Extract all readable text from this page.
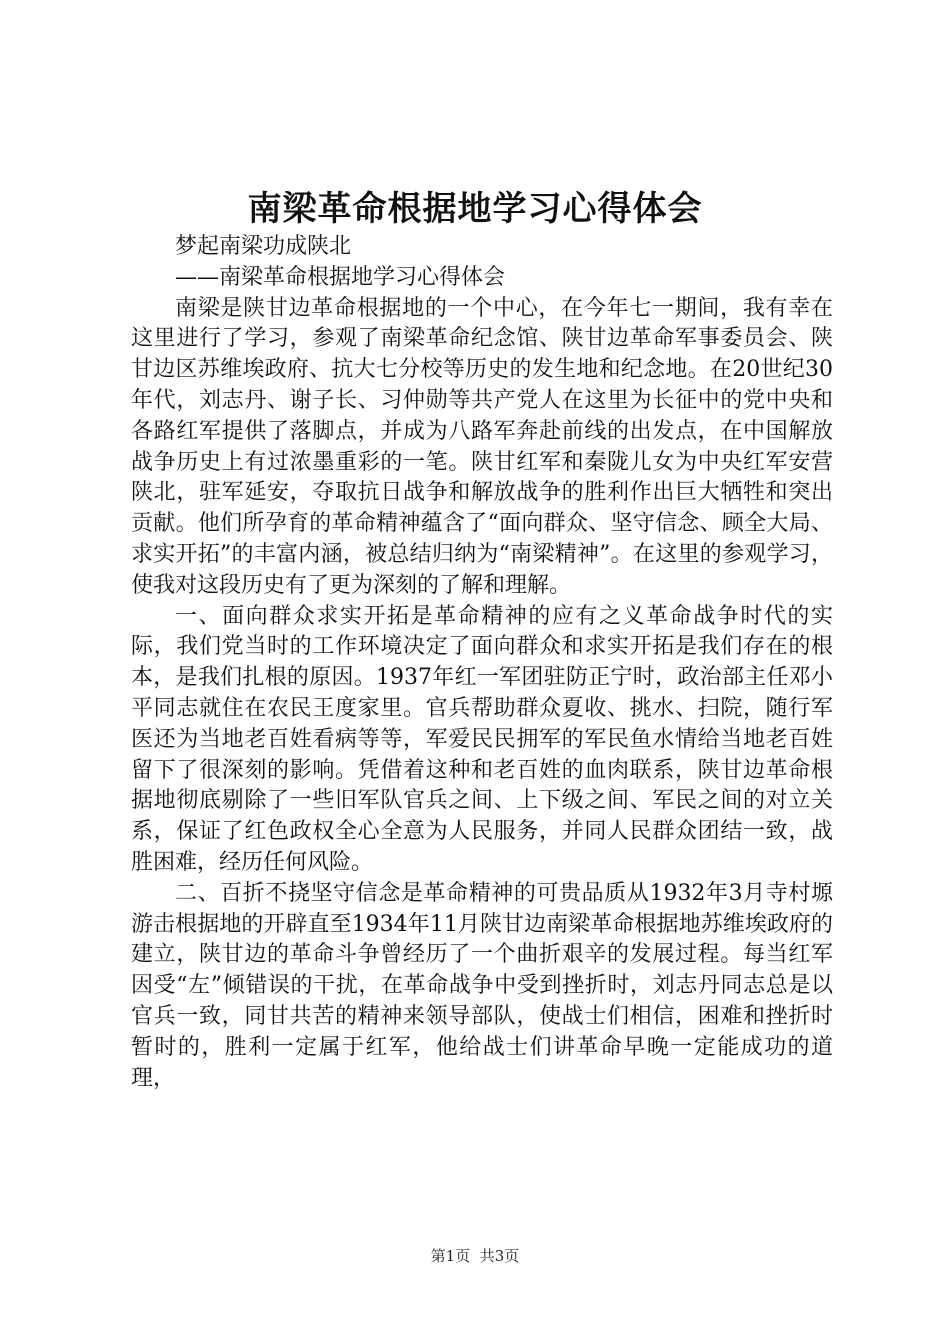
南梁革命根据地学习心得体会

梦起南梁功成陕北

——南梁革命根据地学习心得体会

南梁是陕甘边革命根据地的一个中心，在今年七一期间，我有幸在这里进行了学习，参观了南梁革命纪念馆、陕甘边革命军事委员会、陕甘边区苏维埃政府、抗大七分校等历史的发生地和纪念地。在20世纪30年代，刘志丹、谢子长、习仲勋等共产党人在这里为长征中的党中央和各路红军提供了落脚点，并成为八路军奔赴前线的出发点，在中国解放战争历史上有过浓墨重彩的一笔。陕甘红军和秦陇儿女为中央红军安营陕北，驻军延安，夺取抗日战争和解放战争的胜利作出巨大牺牲和突出贡献。他们所孕育的革命精神蕴含了“面向群众、坚守信念、顾全大局、求实开拓”的丰富内涵，被总结归纳为“南梁精神”。在这里的参观学习，使我对这段历史有了更为深刻的了解和理解。

一、面向群众求实开拓是革命精神的应有之义革命战争时代的实际，我们党当时的工作环境决定了面向群众和求实开拓是我们存在的根本，是我们扎根的原因。1937年红一军团驻防正宁时，政治部主任邓小平同志就住在农民王度家里。官兵帮助群众夏收、挑水、扫院，随行军医还为当地老百姓看病等等，军爱民民拥军的军民鱼水情给当地老百姓留下了很深刻的影响。凭借着这种和老百姓的血肉联系，陕甘边革命根据地彻底剔除了一些旧军队官兵之间、上下级之间、军民之间的对立关系，保证了红色政权全心全意为人民服务，并同人民群众团结一致，战胜困难，经历任何风险。

二、百折不挠坚守信念是革命精神的可贵品质从1932年3月寺村塬游击根据地的开辟直至1934年11月陕甘边南梁革命根据地苏维埃政府的建立，陕甘边的革命斗争曾经历了一个曲折艰辛的发展过程。每当红军因受“左”倾错误的干扰，在革命战争中受到挫折时，刘志丹同志总是以官兵一致，同甘共苦的精神来领导部队，使战士们相信，困难和挫折时暂时的，胜利一定属于红军，他给战士们讲革命早晚一定能成功的道理，

第1页 共3页
